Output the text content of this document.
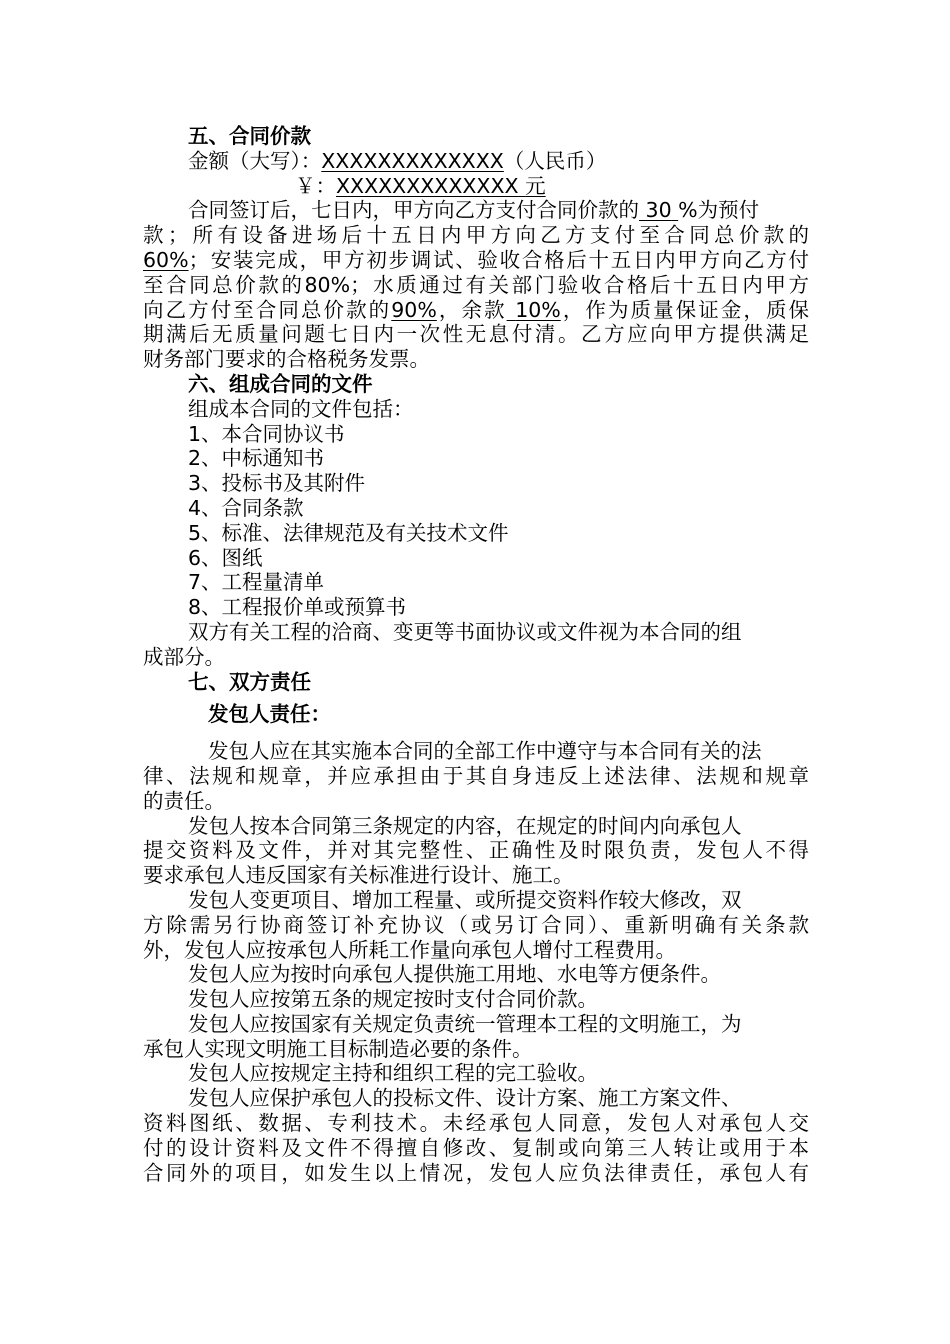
五、合同价款
金额（大写）：XXXXXXXXXXXXX（人民币）
￥：XXXXXXXXXXXXX 元
合同签订后，七日内，甲方向乙方支付合同价款的 30 %为预付
款；所有设备进场后十五日内甲方向乙方支付至合同总价款的
60%；安装完成，甲方初步调试、验收合格后十五日内甲方向乙方付
至合同总价款的80%；水质通过有关部门验收合格后十五日内甲方
向乙方付至合同总价款的90%，余款 10%，作为质量保证金，质保
期满后无质量问题七日内一次性无息付清。乙方应向甲方提供满足
财务部门要求的合格税务发票。
六、组成合同的文件
组成本合同的文件包括：
1、本合同协议书
2、中标通知书
3、投标书及其附件
4、合同条款
5、标准、法律规范及有关技术文件
6、图纸
7、工程量清单
8、工程报价单或预算书
双方有关工程的洽商、变更等书面协议或文件视为本合同的组
成部分。
七、双方责任
发包人责任：
发包人应在其实施本合同的全部工作中遵守与本合同有关的法
律、法规和规章，并应承担由于其自身违反上述法律、法规和规章
的责任。
发包人按本合同第三条规定的内容，在规定的时间内向承包人
提交资料及文件，并对其完整性、正确性及时限负责，发包人不得
要求承包人违反国家有关标准进行设计、施工。
发包人变更项目、增加工程量、或所提交资料作较大修改，双
方除需另行协商签订补充协议（或另订合同）、重新明确有关条款
外，发包人应按承包人所耗工作量向承包人增付工程费用。
发包人应为按时向承包人提供施工用地、水电等方便条件。
发包人应按第五条的规定按时支付合同价款。
发包人应按国家有关规定负责统一管理本工程的文明施工，为
承包人实现文明施工目标制造必要的条件。
发包人应按规定主持和组织工程的完工验收。
发包人应保护承包人的投标文件、设计方案、施工方案文件、
资料图纸、数据、专利技术。未经承包人同意，发包人对承包人交
付的设计资料及文件不得擅自修改、复制或向第三人转让或用于本
合同外的项目，如发生以上情况，发包人应负法律责任，承包人有
